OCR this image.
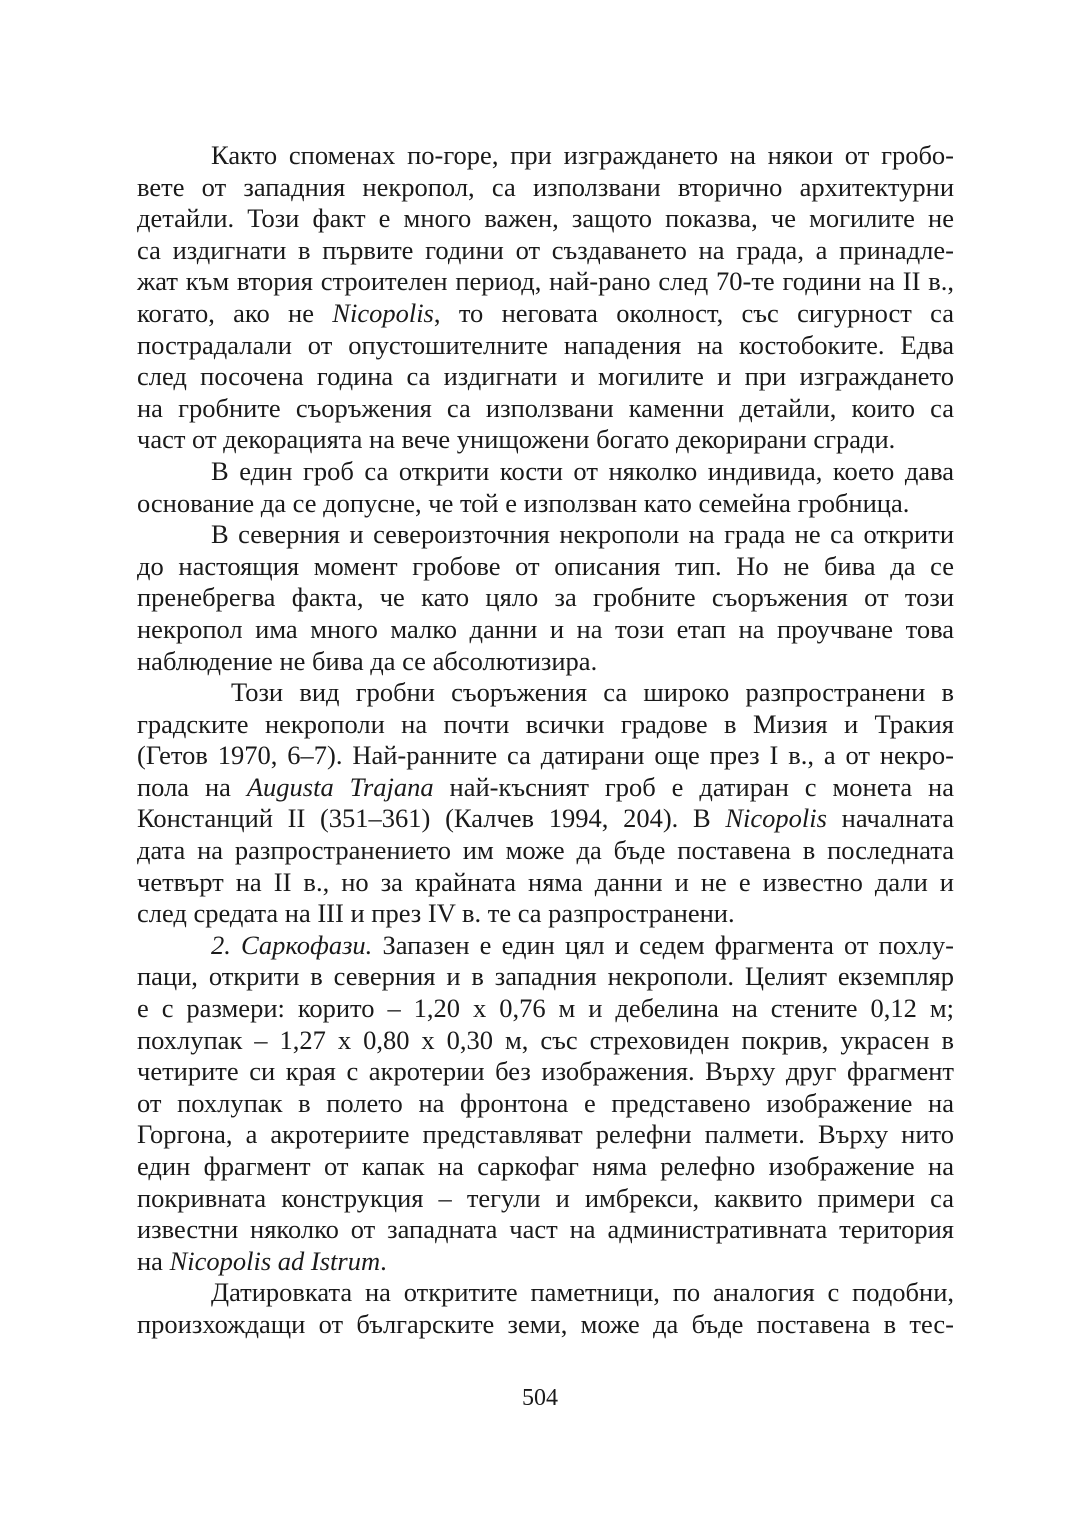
Както споменах по-горе, при изграждането на някои от гробо-
вете от западния некропол, са използвани вторично архитектурни
детайли. Този факт е много важен, защото показва, че могилите не
са издигнати в първите години от създаването на града, а принадле-
жат към втория строителен период, най-рано след 70-те години на II в.,
когато, ако не Nicopolis, то неговата околност, със сигурност са
пострадалали от опустошителните нападения на костобоките. Едва
след посочена година са издигнати и могилите и при изграждането
на гробните съоръжения са използвани каменни детайли, които са
част от декорацията на вече унищожени богато декорирани сгради.
В един гроб са открити кости от няколко индивида, което дава
основание да се допусне, че той е използван като семейна гробница.
В северния и североизточния некрополи на града не са открити
до настоящия момент гробове от описания тип. Но не бива да се
пренебрегва факта, че като цяло за гробните съоръжения от този
некропол има много малко данни и на този етап на проучване това
наблюдение не бива да се абсолютизира.
Този вид гробни съоръжения са широко разпространени в
градските некрополи на почти всички градове в Мизия и Тракия
(Гетов 1970, 6–7). Най-ранните са датирани още през I в., а от некро-
пола на Augusta Trajana най-късният гроб е датиран с монета на
Констанций II (351–361) (Калчев 1994, 204). В Nicopolis началната
дата на разпространението им може да бъде поставена в последната
четвърт на II в., но за крайната няма данни и не е известно дали и
след средата на III и през IV в. те са разпространени.
2. Саркофази. Запазен е един цял и седем фрагмента от похлу-
паци, открити в северния и в западния некрополи. Целият екземпляр
е с размери: корито – 1,20 х 0,76 м и дебелина на стените 0,12 м;
похлупак – 1,27 х 0,80 х 0,30 м, със стреховиден покрив, украсен в
четирите си края с акротерии без изображения. Върху друг фрагмент
от похлупак в полето на фронтона е представено изображение на
Горгона, а акротериите представляват релефни палмети. Върху нито
един фрагмент от капак на саркофаг няма релефно изображение на
покривната конструкция – тегули и имбрекси, каквито примери са
известни няколко от западната част на административната територия
на Nicopolis ad Istrum.
Датировката на откритите паметници, по аналогия с подобни,
произхождащи от българските земи, може да бъде поставена в тес-
504
